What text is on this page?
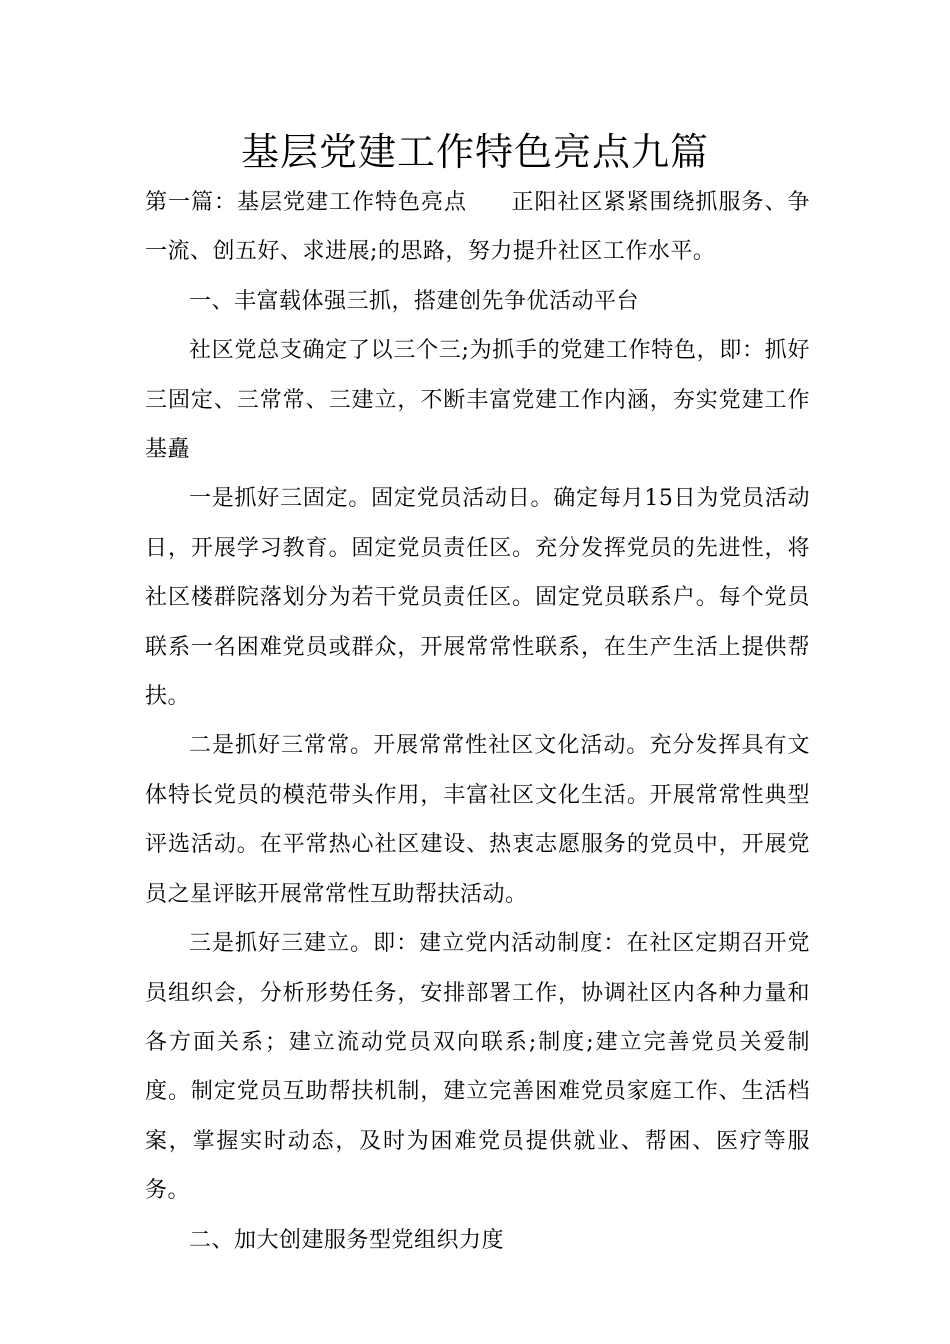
基层党建工作特色亮点九篇

第一篇：基层党建工作特色亮点 正阳社区紧紧围绕抓服务、争一流、创五好、求进展;的思路，努力提升社区工作水平。

一、丰富载体强三抓，搭建创先争优活动平台

社区党总支确定了以三个三;为抓手的党建工作特色，即：抓好三固定、三常常、三建立，不断丰富党建工作内涵，夯实党建工作基矗

一是抓好三固定。固定党员活动日。确定每月15日为党员活动日，开展学习教育。固定党员责任区。充分发挥党员的先进性，将社区楼群院落划分为若干党员责任区。固定党员联系户。每个党员联系一名困难党员或群众，开展常常性联系，在生产生活上提供帮扶。

二是抓好三常常。开展常常性社区文化活动。充分发挥具有文体特长党员的模范带头作用，丰富社区文化生活。开展常常性典型评选活动。在平常热心社区建设、热衷志愿服务的党员中，开展党员之星评眩开展常常性互助帮扶活动。

三是抓好三建立。即：建立党内活动制度：在社区定期召开党员组织会，分析形势任务，安排部署工作，协调社区内各种力量和各方面关系；建立流动党员双向联系;制度;建立完善党员关爱制度。制定党员互助帮扶机制，建立完善困难党员家庭工作、生活档案，掌握实时动态，及时为困难党员提供就业、帮困、医疗等服务。

二、加大创建服务型党组织力度
